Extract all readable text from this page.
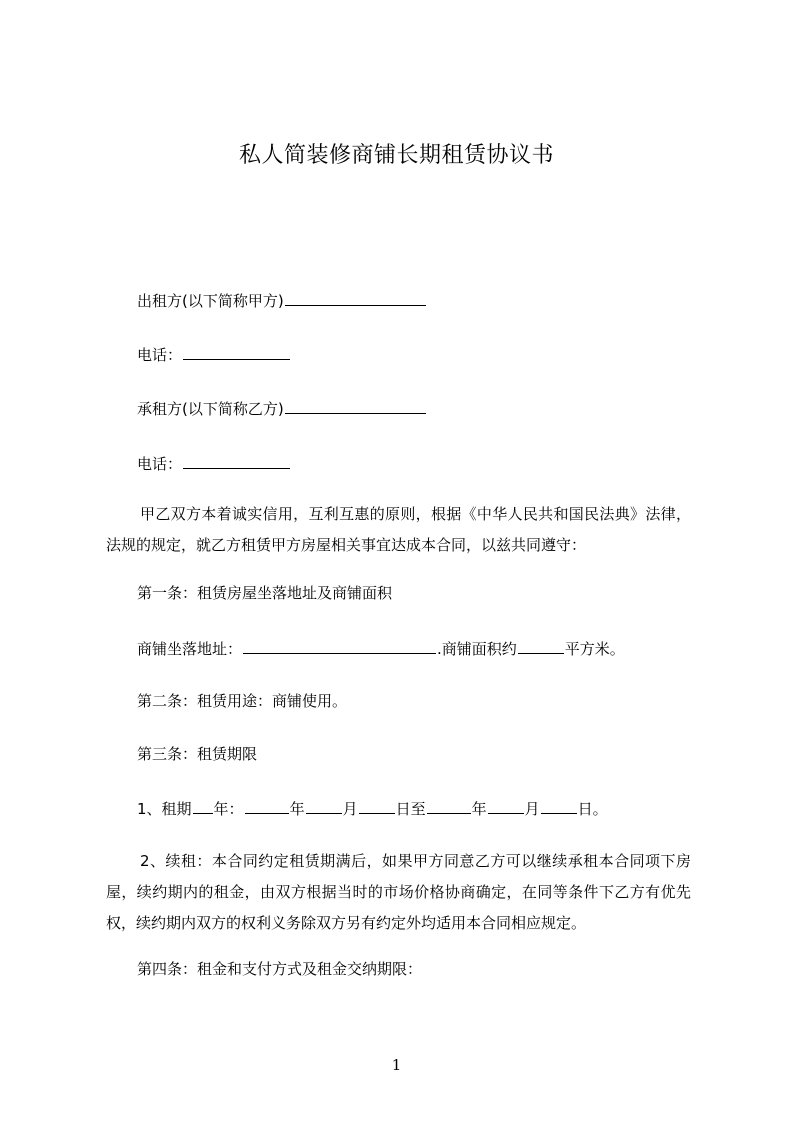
私人简装修商铺长期租赁协议书
出租方(以下简称甲方)
电话：
承租方(以下简称乙方)
电话：
甲乙双方本着诚实信用，互利互惠的原则，根据《中华人民共和国民法典》法律，法规的规定，就乙方租赁甲方房屋相关事宜达成本合同，以兹共同遵守：
第一条：租赁房屋坐落地址及商铺面积
商铺坐落地址：	.商铺面积约	平方米。
第二条：租赁用途：商铺使用。
第三条：租赁期限
1、租期 年：	年	月	日至	年	月	日。
2、续租：本合同约定租赁期满后，如果甲方同意乙方可以继续承租本合同项下房屋，续约期内的租金，由双方根据当时的市场价格协商确定，在同等条件下乙方有优先权，续约期内双方的权利义务除双方另有约定外均适用本合同相应规定。
第四条：租金和支付方式及租金交纳期限：
1
